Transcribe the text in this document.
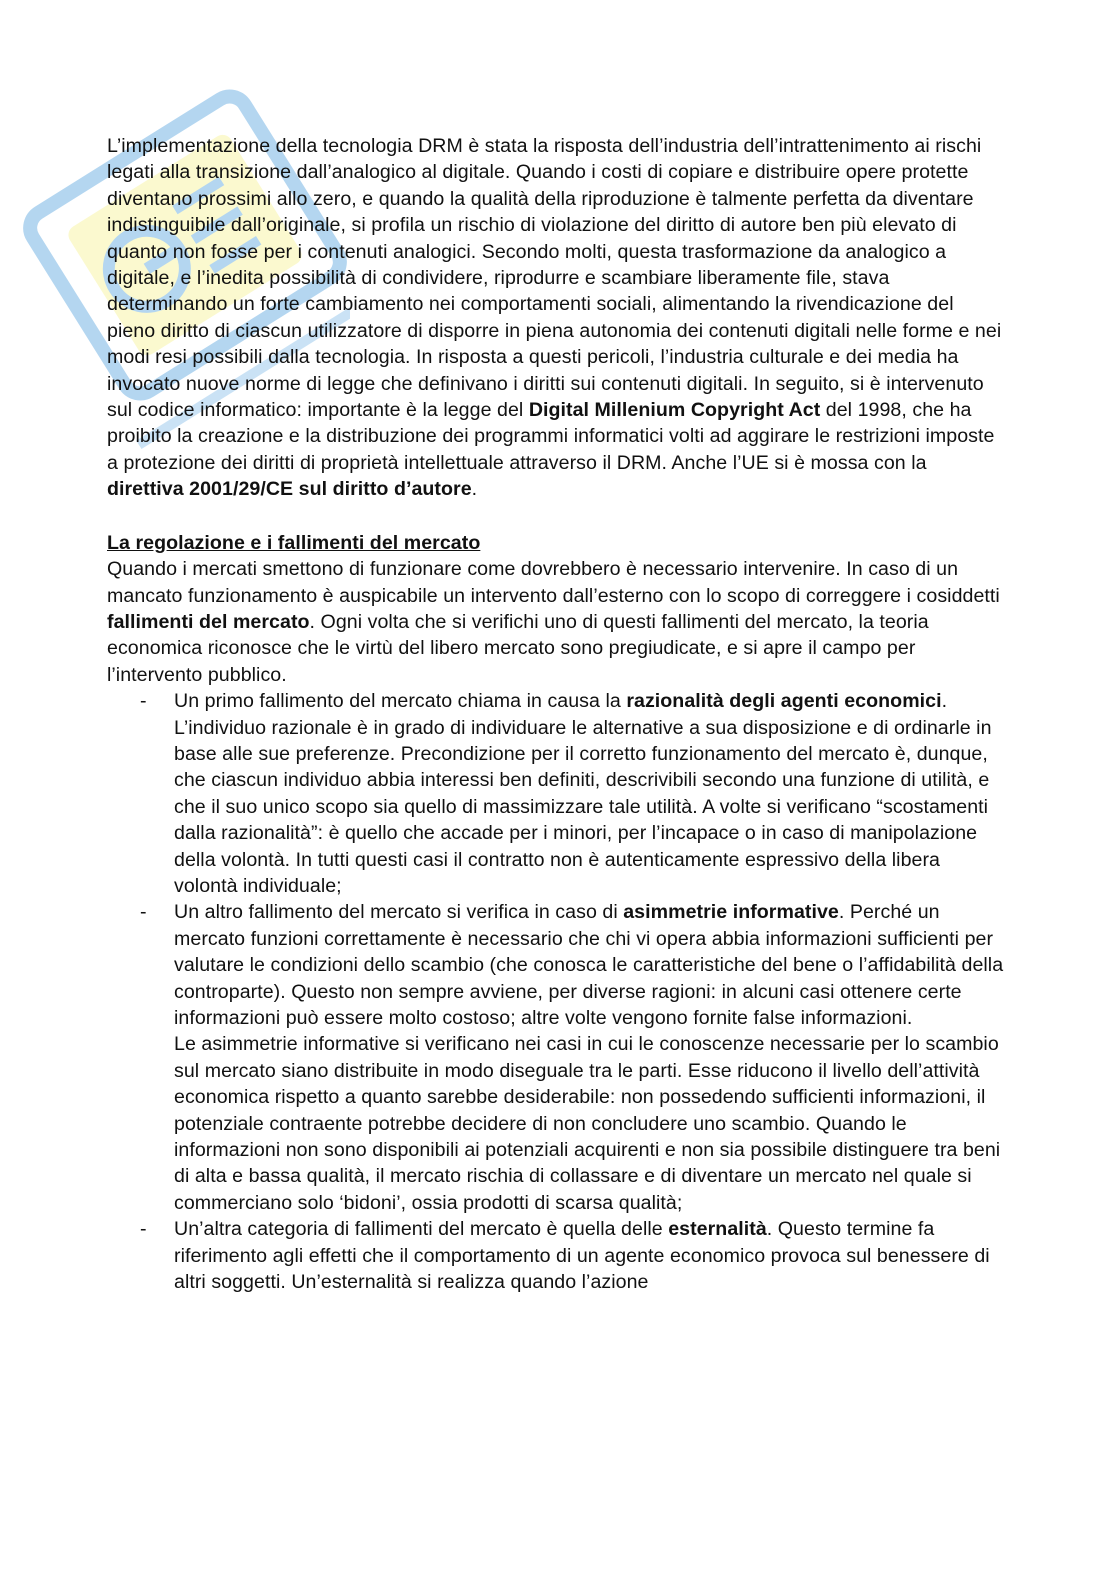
L’implementazione della tecnologia DRM è stata la risposta dell’industria dell’intrattenimento ai rischi legati alla transizione dall’analogico al digitale. Quando i costi di copiare e distribuire opere protette diventano prossimi allo zero, e quando la qualità della riproduzione è talmente perfetta da diventare indistinguibile dall’originale, si profila un rischio di violazione del diritto di autore ben più elevato di quanto non fosse per i contenuti analogici. Secondo molti, questa trasformazione da analogico a digitale, e l’inedita possibilità di condividere, riprodurre e scambiare liberamente file, stava determinando un forte cambiamento nei comportamenti sociali, alimentando la rivendicazione del pieno diritto di ciascun utilizzatore di disporre in piena autonomia dei contenuti digitali nelle forme e nei modi resi possibili dalla tecnologia. In risposta a questi pericoli, l’industria culturale e dei media ha invocato nuove norme di legge che definivano i diritti sui contenuti digitali. In seguito, si è intervenuto sul codice informatico: importante è la legge del Digital Millenium Copyright Act del 1998, che ha proibito la creazione e la distribuzione dei programmi informatici volti ad aggirare le restrizioni imposte a protezione dei diritti di proprietà intellettuale attraverso il DRM. Anche l’UE si è mossa con la direttiva 2001/29/CE sul diritto d’autore.

La regolazione e i fallimenti del mercato

Quando i mercati smettono di funzionare come dovrebbero è necessario intervenire. In caso di un mancato funzionamento è auspicabile un intervento dall’esterno con lo scopo di correggere i cosiddetti fallimenti del mercato. Ogni volta che si verifichi uno di questi fallimenti del mercato, la teoria economica riconosce che le virtù del libero mercato sono pregiudicate, e si apre il campo per l’intervento pubblico.

- Un primo fallimento del mercato chiama in causa la razionalità degli agenti economici. L’individuo razionale è in grado di individuare le alternative a sua disposizione e di ordinarle in base alle sue preferenze. Precondizione per il corretto funzionamento del mercato è, dunque, che ciascun individuo abbia interessi ben definiti, descrivibili secondo una funzione di utilità, e che il suo unico scopo sia quello di massimizzare tale utilità. A volte si verificano “scostamenti dalla razionalità”: è quello che accade per i minori, per l’incapace o in caso di manipolazione della volontà. In tutti questi casi il contratto non è autenticamente espressivo della libera volontà individuale;

- Un altro fallimento del mercato si verifica in caso di asimmetrie informative. Perché un mercato funzioni correttamente è necessario che chi vi opera abbia informazioni sufficienti per valutare le condizioni dello scambio (che conosca le caratteristiche del bene o l’affidabilità della controparte). Questo non sempre avviene, per diverse ragioni: in alcuni casi ottenere certe informazioni può essere molto costoso; altre volte vengono fornite false informazioni.

Le asimmetrie informative si verificano nei casi in cui le conoscenze necessarie per lo scambio sul mercato siano distribuite in modo diseguale tra le parti. Esse riducono il livello dell’attività economica rispetto a quanto sarebbe desiderabile: non possedendo sufficienti informazioni, il potenziale contraente potrebbe decidere di non concludere uno scambio. Quando le informazioni non sono disponibili ai potenziali acquirenti e non sia possibile distinguere tra beni di alta e bassa qualità, il mercato rischia di collassare e di diventare un mercato nel quale si commerciano solo ‘bidoni’, ossia prodotti di scarsa qualità;

- Un’altra categoria di fallimenti del mercato è quella delle esternalità. Questo termine fa riferimento agli effetti che il comportamento di un agente economico provoca sul benessere di altri soggetti. Un’esternalità si realizza quando l’azione
